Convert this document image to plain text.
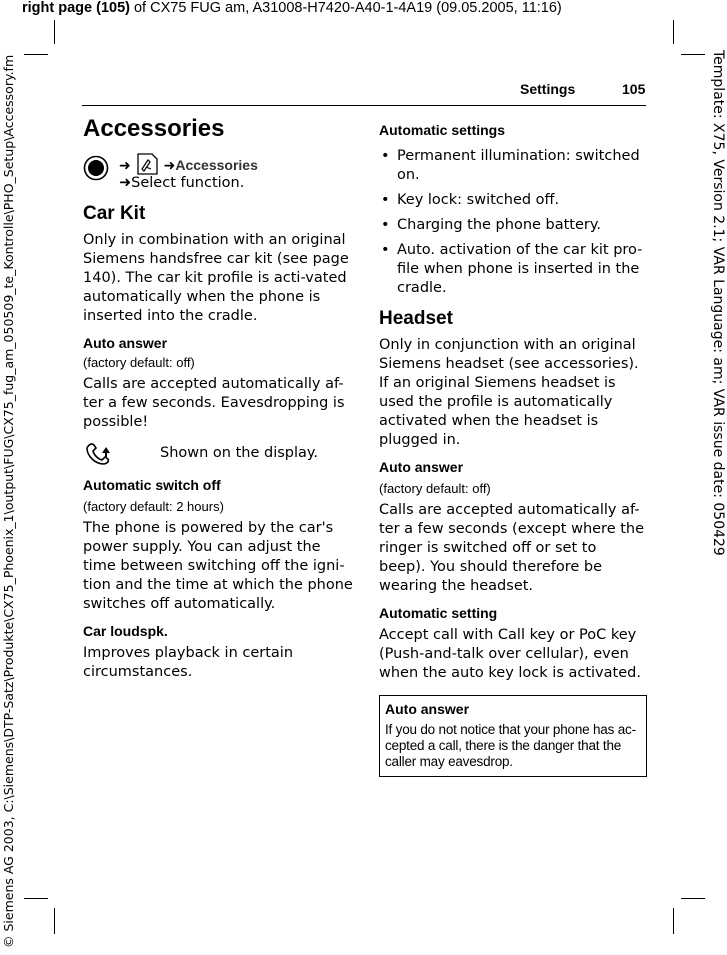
right page (105) of CX75 FUG am, A31008-H7420-A40-1-4A19 (09.05.2005, 11:16)
© Siemens AG 2003, C:\Siemens\DTP-Satz\Produkte\CX75_Phoenix_1\output\FUG\CX75_fug_am_050509_te_Kontrolle\PHO_Setup\Accessory.fm	Template: X75, Version 2.1; VAR Language: am; VAR issue date: 050429
Settings	105
Accessories
➜ ➜Accessories
➜Select function.
Car Kit

Only in combination with an original Siemens handsfree car kit (see page 140). The car kit profile is acti-vated automatically when the phone is inserted into the cradle.

Auto answer
(factory default: off)

Calls are accepted automatically af-ter a few seconds. Eavesdropping is possible!

Shown on the display.
Automatic switch off
(factory default: 2 hours)

The phone is powered by the car's power supply. You can adjust the time between switching off the igni-tion and the time at which the phone switches off automatically.

Car loudspk.

Improves playback in certain circumstances.

Automatic settings
• Permanent illumination: switched on.
• Key lock: switched off.
• Charging the phone battery.
• Auto. activation of the car kit pro-file when phone is inserted in the cradle.
Headset

Only in conjunction with an original Siemens headset (see accessories). If an original Siemens headset is used the profile is automatically activated when the headset is plugged in.

Auto answer
(factory default: off)

Calls are accepted automatically af-ter a few seconds (except where the ringer is switched off or set to beep). You should therefore be wearing the headset.

Automatic setting

Accept call with Call key or PoC key (Push-and-talk over cellular), even when the auto key lock is activated.

Auto answer
If you do not notice that your phone has ac-cepted a call, there is the danger that the caller may eavesdrop.
